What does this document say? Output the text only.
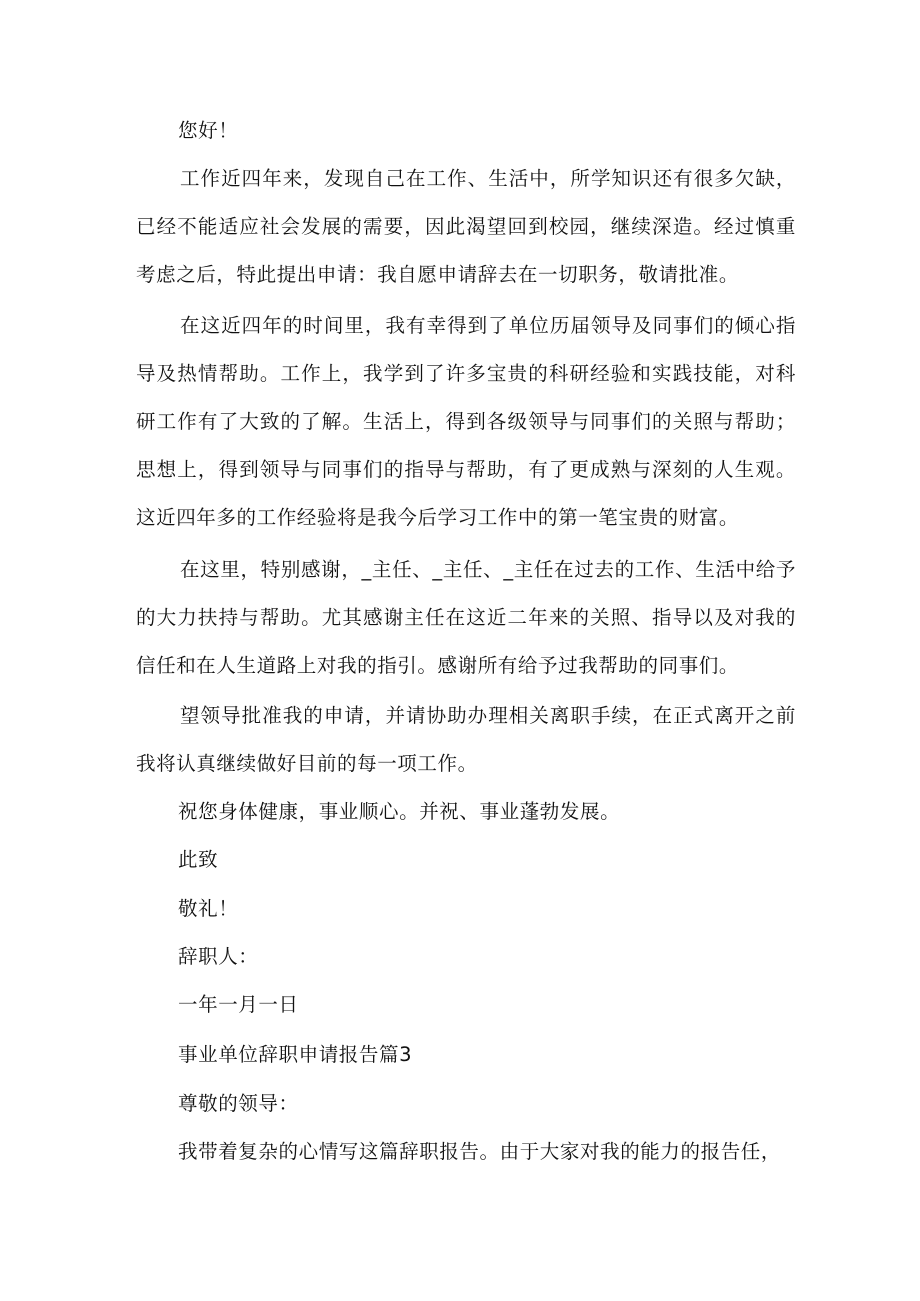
您好！

工作近四年来，发现自己在工作、生活中，所学知识还有很多欠缺，已经不能适应社会发展的需要，因此渴望回到校园，继续深造。经过慎重考虑之后，特此提出申请：我自愿申请辞去在一切职务，敬请批准。

在这近四年的时间里，我有幸得到了单位历届领导及同事们的倾心指导及热情帮助。工作上，我学到了许多宝贵的科研经验和实践技能，对科研工作有了大致的了解。生活上，得到各级领导与同事们的关照与帮助；思想上，得到领导与同事们的指导与帮助，有了更成熟与深刻的人生观。这近四年多的工作经验将是我今后学习工作中的第一笔宝贵的财富。

在这里，特别感谢，_主任、_主任、_主任在过去的工作、生活中给予的大力扶持与帮助。尤其感谢主任在这近二年来的关照、指导以及对我的信任和在人生道路上对我的指引。感谢所有给予过我帮助的同事们。

望领导批准我的申请，并请协助办理相关离职手续，在正式离开之前我将认真继续做好目前的每一项工作。

祝您身体健康，事业顺心。并祝、事业蓬勃发展。

此致

敬礼！

辞职人：

一年一月一日

事业单位辞职申请报告篇3

尊敬的领导：

我带着复杂的心情写这篇辞职报告。由于大家对我的能力的报告任，
